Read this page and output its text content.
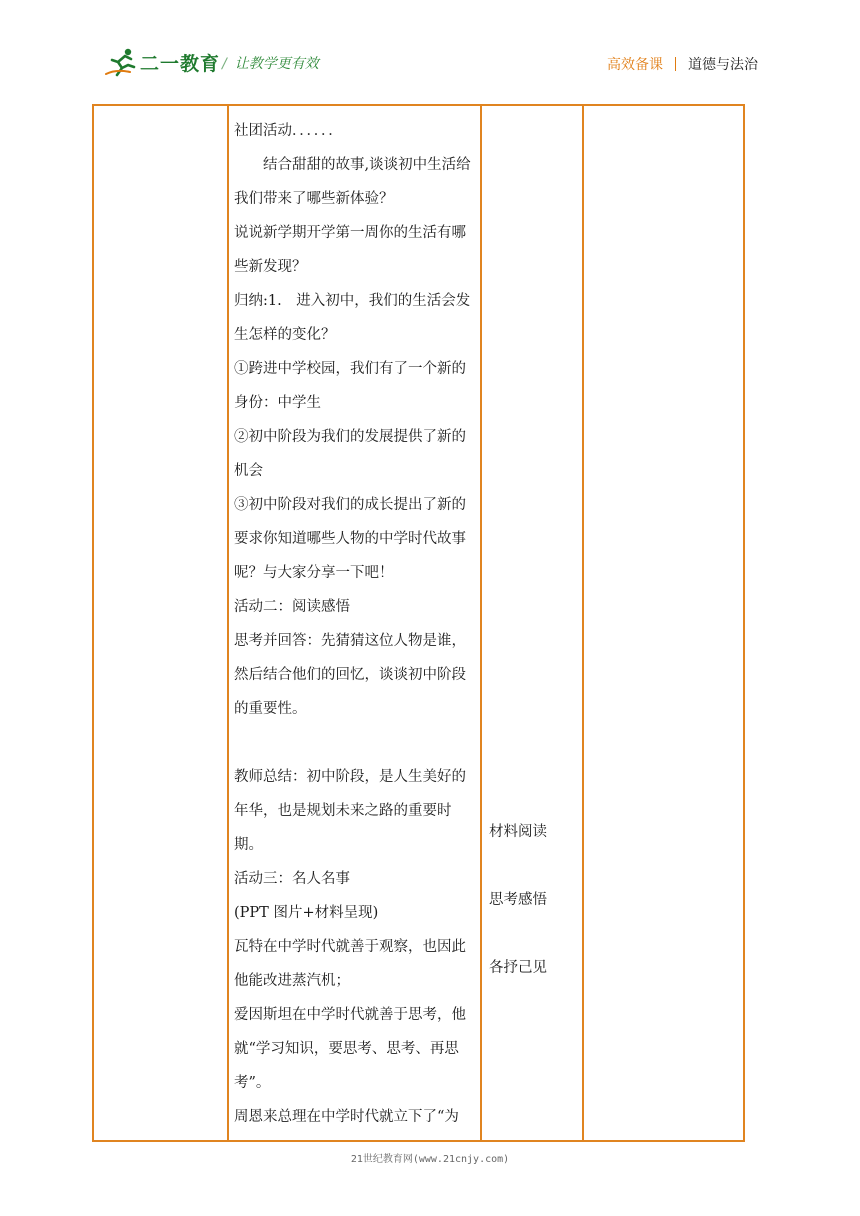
二一教育 / 让教学更有效	高效备课 道德与法治

社团活动．．．．．．

结合甜甜的故事,谈谈初中生活给我们带来了哪些新体验？

说说新学期开学第一周你的生活有哪些新发现？

归纳:1.　进入初中，我们的生活会发生怎样的变化？

①跨进中学校园，我们有了一个新的身份：中学生

②初中阶段为我们的发展提供了新的机会

③初中阶段对我们的成长提出了新的要求你知道哪些人物的中学时代故事呢？与大家分享一下吧！

活动二：阅读感悟

思考并回答：先猜猜这位人物是谁，然后结合他们的回忆，谈谈初中阶段的重要性。

教师总结：初中阶段，是人生美好的年华，也是规划未来之路的重要时期。

活动三：名人名事

(PPT 图片+材料呈现)

瓦特在中学时代就善于观察，也因此他能改进蒸汽机；

爱因斯坦在中学时代就善于思考，他就“学习知识，要思考、思考、再思考”。

周恩来总理在中学时代就立下了“为

材料阅读
思考感悟
各抒己见
21世纪教育网(www.21cnjy.com)
